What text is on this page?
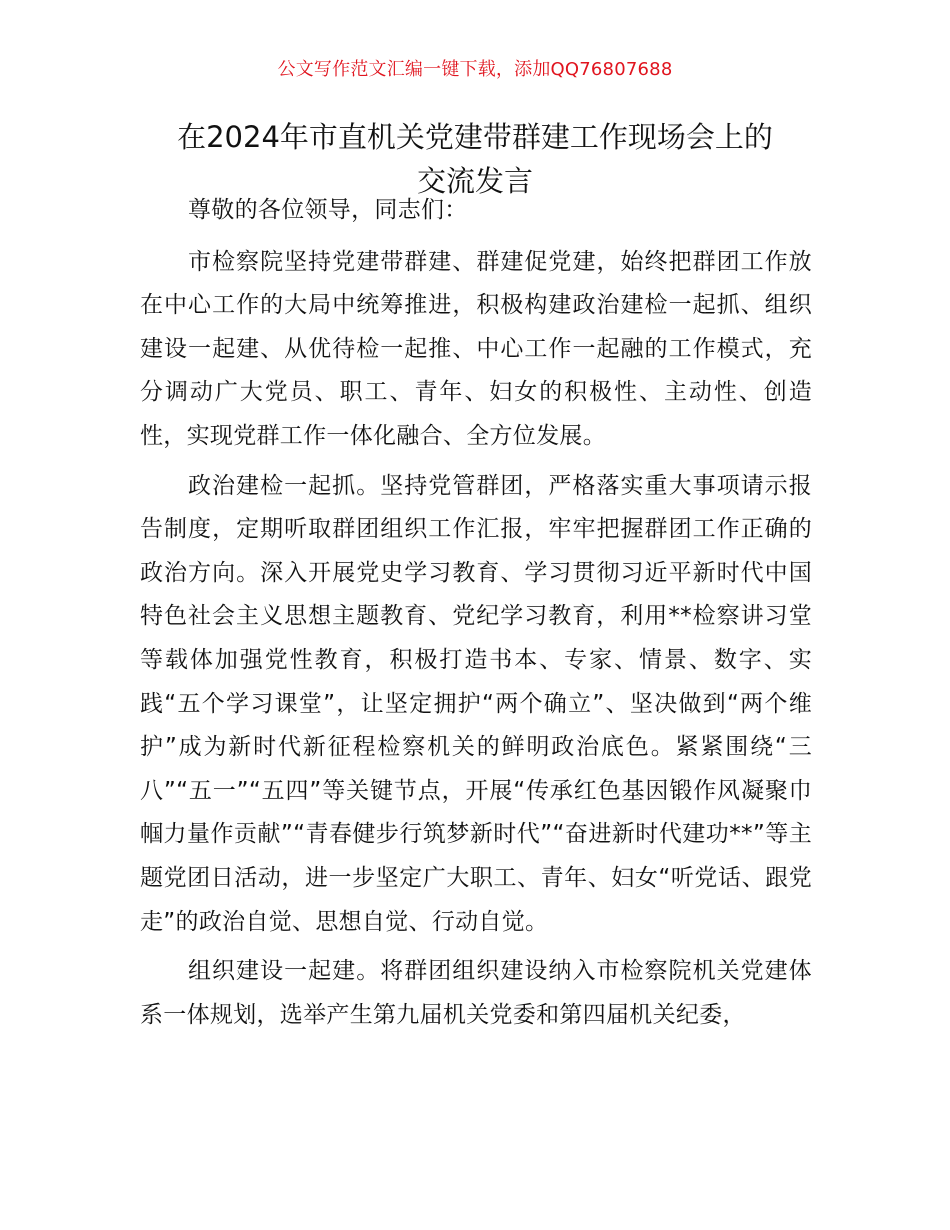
公文写作范文汇编一键下载，添加QQ76807688
在2024年市直机关党建带群建工作现场会上的
交流发言

尊敬的各位领导，同志们：

市检察院坚持党建带群建、群建促党建，始终把群团工作放在中心工作的大局中统筹推进，积极构建政治建检一起抓、组织建设一起建、从优待检一起推、中心工作一起融的工作模式，充分调动广大党员、职工、青年、妇女的积极性、主动性、创造性，实现党群工作一体化融合、全方位发展。

政治建检一起抓。坚持党管群团，严格落实重大事项请示报告制度，定期听取群团组织工作汇报，牢牢把握群团工作正确的政治方向。深入开展党史学习教育、学习贯彻习近平新时代中国特色社会主义思想主题教育、党纪学习教育，利用**检察讲习堂等载体加强党性教育，积极打造书本、专家、情景、数字、实践“五个学习课堂”，让坚定拥护“两个确立”、坚决做到“两个维护”成为新时代新征程检察机关的鲜明政治底色。紧紧围绕“三八”“五一”“五四”等关键节点，开展“传承红色基因锻作风凝聚巾帼力量作贡献”“青春健步行筑梦新时代”“奋进新时代建功**”等主题党团日活动，进一步坚定广大职工、青年、妇女“听党话、跟党走”的政治自觉、思想自觉、行动自觉。

组织建设一起建。将群团组织建设纳入市检察院机关党建体系一体规划，选举产生第九届机关党委和第四届机关纪委，
